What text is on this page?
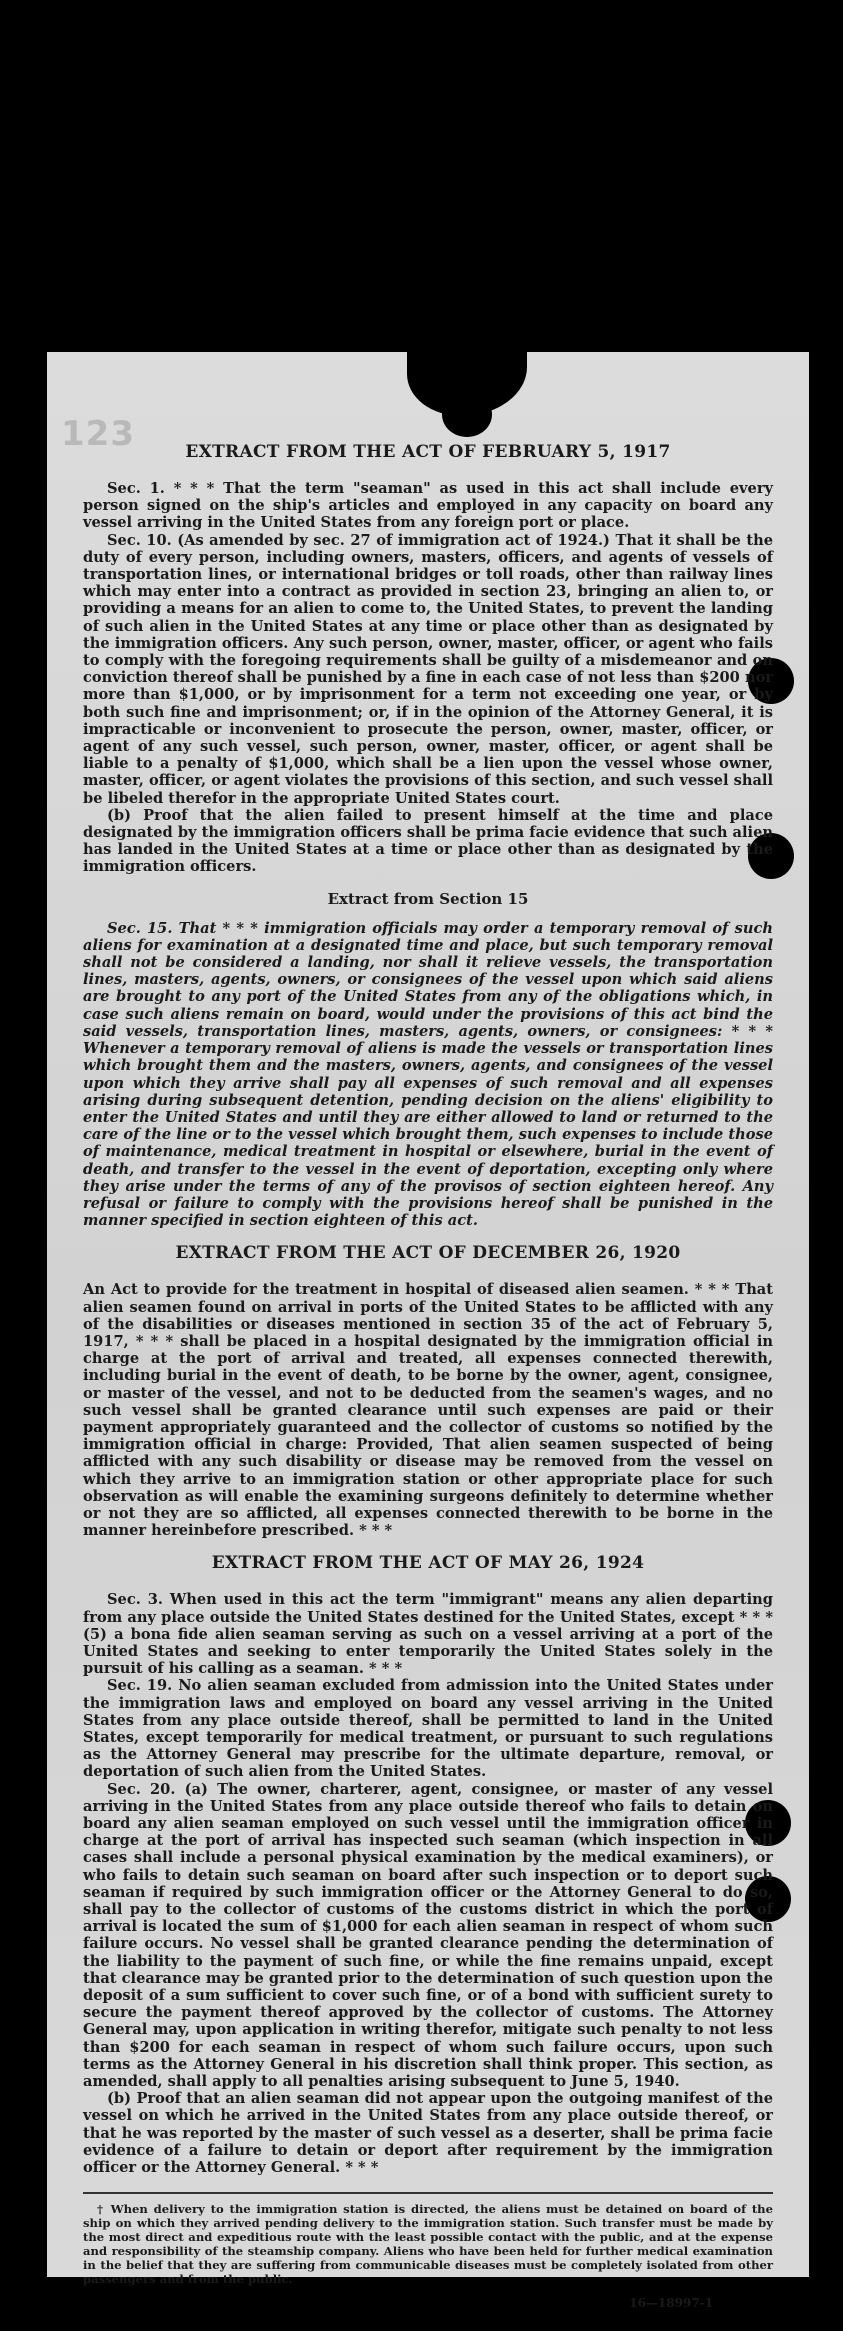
123	EXTRACT FROM THE ACT OF FEBRUARY 5, 1917

Sec. 1. * * * That the term "seaman" as used in this act shall include every person signed on the ship's articles and employed in any capacity on board any vessel arriving in the United States from any foreign port or place.

Sec. 10. (As amended by sec. 27 of immigration act of 1924.) That it shall be the duty of every person, including owners, masters, officers, and agents of vessels of transportation lines, or international bridges or toll roads, other than railway lines which may enter into a contract as provided in section 23, bringing an alien to, or providing a means for an alien to come to, the United States, to prevent the landing of such alien in the United States at any time or place other than as designated by the immigration officers. Any such person, owner, master, officer, or agent who fails to comply with the foregoing requirements shall be guilty of a misdemeanor and on conviction thereof shall be punished by a fine in each case of not less than $200 nor more than $1,000, or by imprisonment for a term not exceeding one year, or by both such fine and imprisonment; or, if in the opinion of the Attorney General, it is impracticable or inconvenient to prosecute the person, owner, master, officer, or agent of any such vessel, such person, owner, master, officer, or agent shall be liable to a penalty of $1,000, which shall be a lien upon the vessel whose owner, master, officer, or agent violates the provisions of this section, and such vessel shall be libeled therefor in the appropriate United States court.

(b) Proof that the alien failed to present himself at the time and place designated by the immigration officers shall be prima facie evidence that such alien has landed in the United States at a time or place other than as designated by the immigration officers.

Extract from Section 15

Sec. 15. That * * * immigration officials may order a temporary removal of such aliens for examination at a designated time and place, but such temporary removal shall not be considered a landing, nor shall it relieve vessels, the transportation lines, masters, agents, owners, or consignees of the vessel upon which said aliens are brought to any port of the United States from any of the obligations which, in case such aliens remain on board, would under the provisions of this act bind the said vessels, transportation lines, masters, agents, owners, or consignees: * * * Whenever a temporary removal of aliens is made the vessels or transportation lines which brought them and the masters, owners, agents, and consignees of the vessel upon which they arrive shall pay all expenses of such removal and all expenses arising during subsequent detention, pending decision on the aliens' eligibility to enter the United States and until they are either allowed to land or returned to the care of the line or to the vessel which brought them, such expenses to include those of maintenance, medical treatment in hospital or elsewhere, burial in the event of death, and transfer to the vessel in the event of deportation, excepting only where they arise under the terms of any of the provisos of section eighteen hereof. Any refusal or failure to comply with the provisions hereof shall be punished in the manner specified in section eighteen of this act.

EXTRACT FROM THE ACT OF DECEMBER 26, 1920

An Act to provide for the treatment in hospital of diseased alien seamen. * * * That alien seamen found on arrival in ports of the United States to be afflicted with any of the disabilities or diseases mentioned in section 35 of the act of February 5, 1917, * * * shall be placed in a hospital designated by the immigration official in charge at the port of arrival and treated, all expenses connected therewith, including burial in the event of death, to be borne by the owner, agent, consignee, or master of the vessel, and not to be deducted from the seamen's wages, and no such vessel shall be granted clearance until such expenses are paid or their payment appropriately guaranteed and the collector of customs so notified by the immigration official in charge: Provided, That alien seamen suspected of being afflicted with any such disability or disease may be removed from the vessel on which they arrive to an immigration station or other appropriate place for such observation as will enable the examining surgeons definitely to determine whether or not they are so afflicted, all expenses connected therewith to be borne in the manner hereinbefore prescribed. * * *

EXTRACT FROM THE ACT OF MAY 26, 1924

Sec. 3. When used in this act the term "immigrant" means any alien departing from any place outside the United States destined for the United States, except * * * (5) a bona fide alien seaman serving as such on a vessel arriving at a port of the United States and seeking to enter temporarily the United States solely in the pursuit of his calling as a seaman. * * *

Sec. 19. No alien seaman excluded from admission into the United States under the immigration laws and employed on board any vessel arriving in the United States from any place outside thereof, shall be permitted to land in the United States, except temporarily for medical treatment, or pursuant to such regulations as the Attorney General may prescribe for the ultimate departure, removal, or deportation of such alien from the United States.

Sec. 20. (a) The owner, charterer, agent, consignee, or master of any vessel arriving in the United States from any place outside thereof who fails to detain on board any alien seaman employed on such vessel until the immigration officer in charge at the port of arrival has inspected such seaman (which inspection in all cases shall include a personal physical examination by the medical examiners), or who fails to detain such seaman on board after such inspection or to deport such seaman if required by such immigration officer or the Attorney General to do so, shall pay to the collector of customs of the customs district in which the port of arrival is located the sum of $1,000 for each alien seaman in respect of whom such failure occurs. No vessel shall be granted clearance pending the determination of the liability to the payment of such fine, or while the fine remains unpaid, except that clearance may be granted prior to the determination of such question upon the deposit of a sum sufficient to cover such fine, or of a bond with sufficient surety to secure the payment thereof approved by the collector of customs. The Attorney General may, upon application in writing therefor, mitigate such penalty to not less than $200 for each seaman in respect of whom such failure occurs, upon such terms as the Attorney General in his discretion shall think proper. This section, as amended, shall apply to all penalties arising subsequent to June 5, 1940.

(b) Proof that an alien seaman did not appear upon the outgoing manifest of the vessel on which he arrived in the United States from any place outside thereof, or that he was reported by the master of such vessel as a deserter, shall be prima facie evidence of a failure to detain or deport after requirement by the immigration officer or the Attorney General. * * *

† When delivery to the immigration station is directed, the aliens must be detained on board of the ship on which they arrived pending delivery to the immigration station. Such transfer must be made by the most direct and expeditious route with the least possible contact with the public, and at the expense and responsibility of the steamship company. Aliens who have been held for further medical examination in the belief that they are suffering from communicable diseases must be completely isolated from other passengers and from the public.

16—18997-1
